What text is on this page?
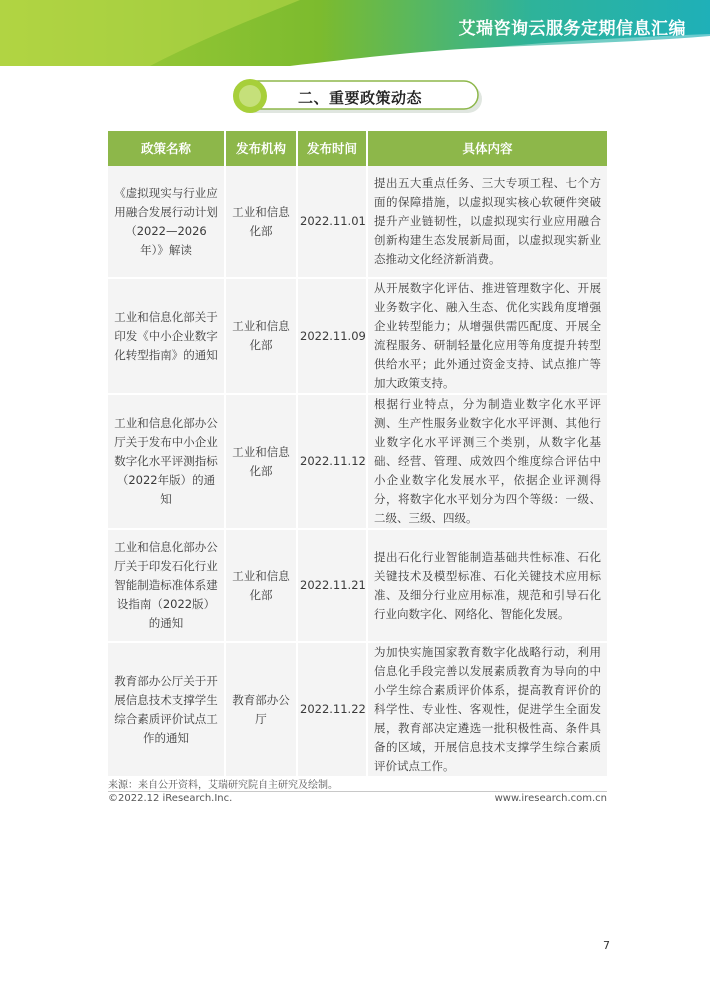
艾瑞咨询云服务定期信息汇编
二、重要政策动态
政策名称	发布机构	发布时间	具体内容
《虚拟现实与行业应用融合发展行动计划（2022—2026年）》解读	工业和信息化部	2022.11.01	提出五大重点任务、三大专项工程、七个方面的保障措施，以虚拟现实核心软硬件突破提升产业链韧性，以虚拟现实行业应用融合创新构建生态发展新局面，以虚拟现实新业态推动文化经济新消费。
工业和信息化部关于印发《中小企业数字化转型指南》的通知	工业和信息化部	2022.11.09	从开展数字化评估、推进管理数字化、开展业务数字化、融入生态、优化实践角度增强企业转型能力；从增强供需匹配度、开展全流程服务、研制轻量化应用等角度提升转型供给水平；此外通过资金支持、试点推广等加大政策支持。
工业和信息化部办公厅关于发布中小企业数字化水平评测指标（2022年版）的通知	工业和信息化部	2022.11.12	根据行业特点，分为制造业数字化水平评测、生产性服务业数字化水平评测、其他行业数字化水平评测三个类别，从数字化基础、经营、管理、成效四个维度综合评估中小企业数字化发展水平，依据企业评测得分，将数字化水平划分为四个等级：一级、二级、三级、四级。
工业和信息化部办公厅关于印发石化行业智能制造标准体系建设指南（2022版）的通知	工业和信息化部	2022.11.21	提出石化行业智能制造基础共性标准、石化关键技术及模型标准、石化关键技术应用标准、及细分行业应用标准，规范和引导石化行业向数字化、网络化、智能化发展。
教育部办公厅关于开展信息技术支撑学生综合素质评价试点工作的通知	教育部办公厅	2022.11.22	为加快实施国家教育数字化战略行动，利用信息化手段完善以发展素质教育为导向的中小学生综合素质评价体系，提高教育评价的科学性、专业性、客观性，促进学生全面发展，教育部决定遴选一批积极性高、条件具备的区域，开展信息技术支撑学生综合素质评价试点工作。
来源：来自公开资料，艾瑞研究院自主研究及绘制。
©2022.12 iResearch.Inc.	www.iresearch.com.cn
7
